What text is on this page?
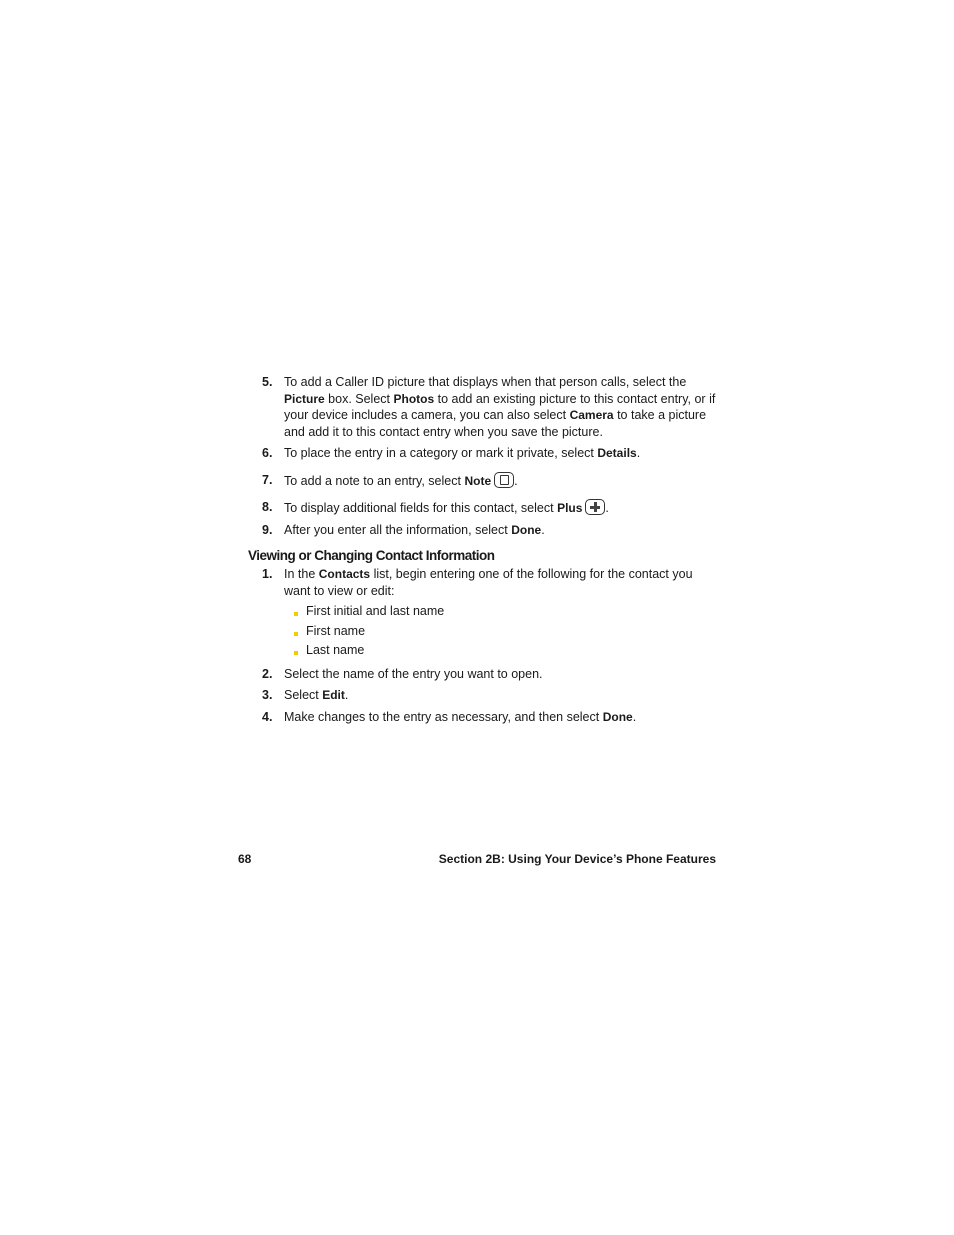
5. To add a Caller ID picture that displays when that person calls, select the Picture box. Select Photos to add an existing picture to this contact entry, or if your device includes a camera, you can also select Camera to take a picture and add it to this contact entry when you save the picture.
6. To place the entry in a category or mark it private, select Details.
7. To add a note to an entry, select Note .
8. To display additional fields for this contact, select Plus .
9. After you enter all the information, select Done.
Viewing or Changing Contact Information
1. In the Contacts list, begin entering one of the following for the contact you want to view or edit:
First initial and last name
First name
Last name
2. Select the name of the entry you want to open.
3. Select Edit.
4. Make changes to the entry as necessary, and then select Done.
68	Section 2B: Using Your Device’s Phone Features
